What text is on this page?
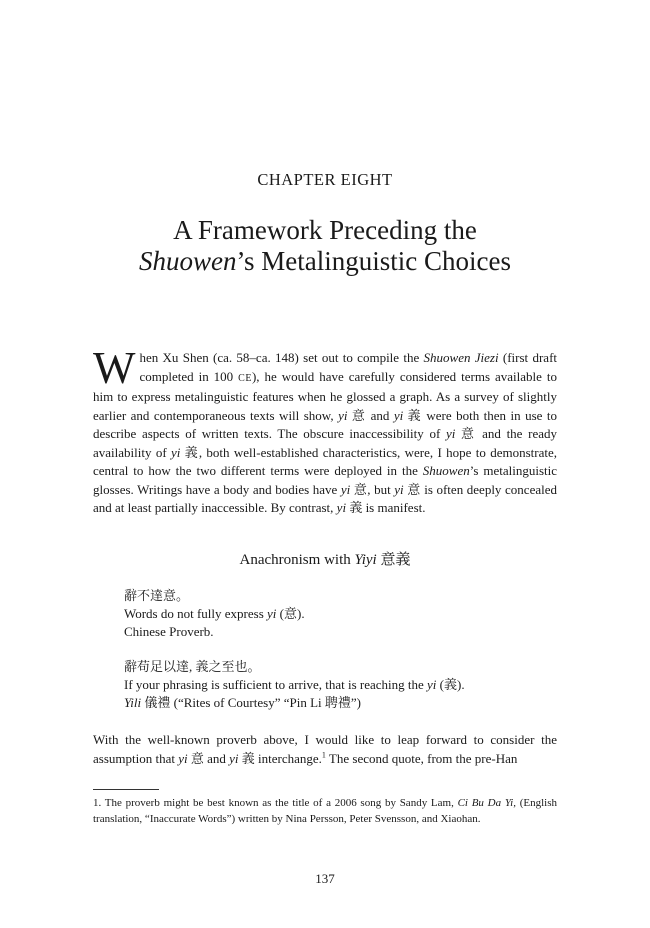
CHAPTER EIGHT
A Framework Preceding the
Shuowen’s Metalinguistic Choices
When Xu Shen (ca. 58–ca. 148) set out to compile the Shuowen Jiezi (first draft completed in 100 CE), he would have carefully considered terms available to him to express metalinguistic features when he glossed a graph. As a survey of slightly earlier and contemporaneous texts will show, yi 意 and yi 義 were both then in use to describe aspects of written texts. The obscure inaccessibility of yi 意 and the ready availability of yi 義, both well-established characteristics, were, I hope to demonstrate, central to how the two different terms were deployed in the Shuowen’s metalinguistic glosses. Writings have a body and bodies have yi 意, but yi 意 is often deeply concealed and at least partially inaccessible. By contrast, yi 義 is manifest.
Anachronism with Yiyi 意義
辭不達意。
Words do not fully express yi (意).
Chinese Proverb.
辭苟足以達, 義之至也。
If your phrasing is sufficient to arrive, that is reaching the yi (義).
Yili 儀禮 (“Rites of Courtesy” “Pin Li 聘禮”)
With the well-known proverb above, I would like to leap forward to consider the assumption that yi 意 and yi 義 interchange.$^1$ The second quote, from the pre-Han
1. The proverb might be best known as the title of a 2006 song by Sandy Lam, Ci Bu Da Yi, (English translation, “Inaccurate Words”) written by Nina Persson, Peter Svensson, and Xiaohan.
137
